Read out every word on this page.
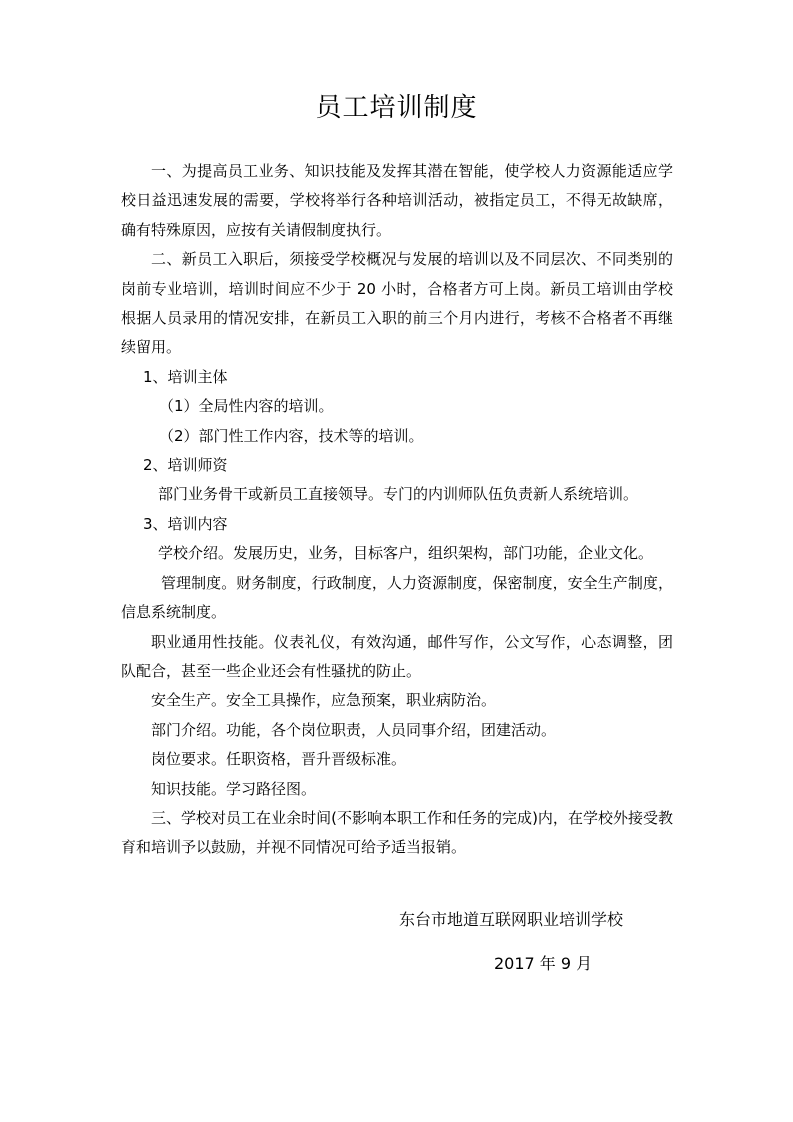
员工培训制度

一、为提高员工业务、知识技能及发挥其潜在智能，使学校人力资源能适应学校日益迅速发展的需要，学校将举行各种培训活动，被指定员工，不得无故缺席，确有特殊原因，应按有关请假制度执行。

二、新员工入职后，须接受学校概况与发展的培训以及不同层次、不同类别的岗前专业培训，培训时间应不少于 20 小时，合格者方可上岗。新员工培训由学校根据人员录用的情况安排，在新员工入职的前三个月内进行，考核不合格者不再继续留用。

1、培训主体

（1）全局性内容的培训。

（2）部门性工作内容，技术等的培训。

2、培训师资

部门业务骨干或新员工直接领导。专门的内训师队伍负责新人系统培训。

3、培训内容

学校介绍。发展历史，业务，目标客户，组织架构，部门功能，企业文化。

管理制度。财务制度，行政制度，人力资源制度，保密制度，安全生产制度，信息系统制度。

职业通用性技能。仪表礼仪，有效沟通，邮件写作，公文写作，心态调整，团队配合，甚至一些企业还会有性骚扰的防止。

安全生产。安全工具操作，应急预案，职业病防治。

部门介绍。功能，各个岗位职责，人员同事介绍，团建活动。

岗位要求。任职资格，晋升晋级标准。

知识技能。学习路径图。

三、学校对员工在业余时间(不影响本职工作和任务的完成)内，在学校外接受教育和培训予以鼓励，并视不同情况可给予适当报销。

东台市地道互联网职业培训学校

2017 年 9 月
